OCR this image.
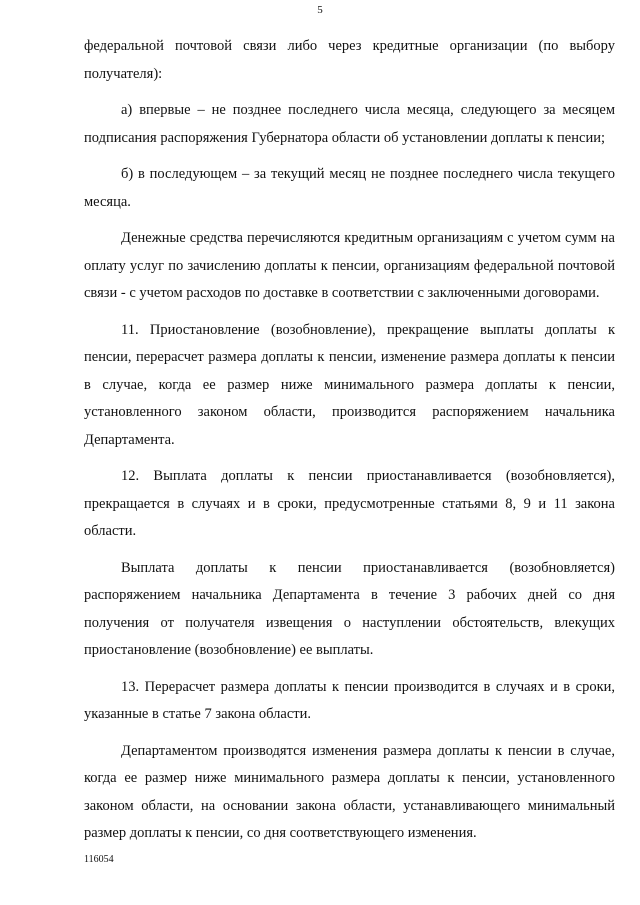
5

федеральной почтовой связи либо через кредитные организации (по выбору получателя):

а) впервые – не позднее последнего числа месяца, следующего за месяцем подписания распоряжения Губернатора области об установлении доплаты к пенсии;

б) в последующем – за текущий месяц не позднее последнего числа текущего месяца.

Денежные средства перечисляются кредитным организациям с учетом сумм на оплату услуг по зачислению доплаты к пенсии, организациям федеральной почтовой связи - с учетом расходов по доставке в соответствии с заключенными договорами.

11. Приостановление (возобновление), прекращение выплаты доплаты к пенсии, перерасчет размера доплаты к пенсии, изменение размера доплаты к пенсии в случае, когда ее размер ниже минимального размера доплаты к пенсии, установленного законом области, производится распоряжением начальника Департамента.

12. Выплата доплаты к пенсии приостанавливается (возобновляется), прекращается в случаях и в сроки, предусмотренные статьями 8, 9 и 11 закона области.

Выплата доплаты к пенсии приостанавливается (возобновляется) распоряжением начальника Департамента в течение 3 рабочих дней со дня получения от получателя извещения о наступлении обстоятельств, влекущих приостановление (возобновление) ее выплаты.

13. Перерасчет размера доплаты к пенсии производится в случаях и в сроки, указанные в статье 7 закона области.

Департаментом производятся изменения размера доплаты к пенсии в случае, когда ее размер ниже минимального размера доплаты к пенсии, установленного законом области, на основании закона области, устанавливающего минимальный размер доплаты к пенсии, со дня соответствующего изменения.

116054
